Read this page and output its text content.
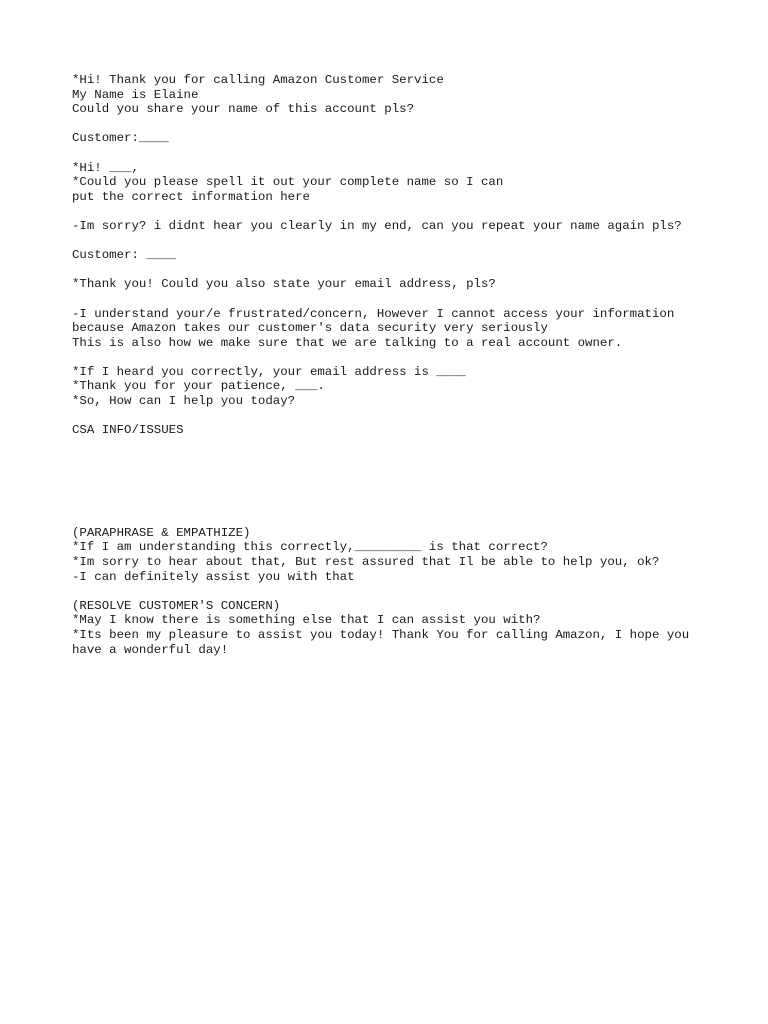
*Hi! Thank you for calling Amazon Customer Service
My Name is Elaine
Could you share your name of this account pls?
Customer:____
*Hi! ___,
*Could you please spell it out your complete name so I can
put the correct information here
-Im sorry? i didnt hear you clearly in my end, can you repeat your name again pls?
Customer: ____
*Thank you! Could you also state your email address, pls?
-I understand your/e frustrated/concern, However I cannot access your information
because Amazon takes our customer's data security very seriously
This is also how we make sure that we are talking to a real account owner.
*If I heard you correctly, your email address is ____
*Thank you for your patience, ___.
*So, How can I help you today?
CSA INFO/ISSUES
(PARAPHRASE & EMPATHIZE)
*If I am understanding this correctly,_________ is that correct?
*Im sorry to hear about that, But rest assured that Il be able to help you, ok?
-I can definitely assist you with that
(RESOLVE CUSTOMER'S CONCERN)
*May I know there is something else that I can assist you with?
*Its been my pleasure to assist you today! Thank You for calling Amazon, I hope you
have a wonderful day!
